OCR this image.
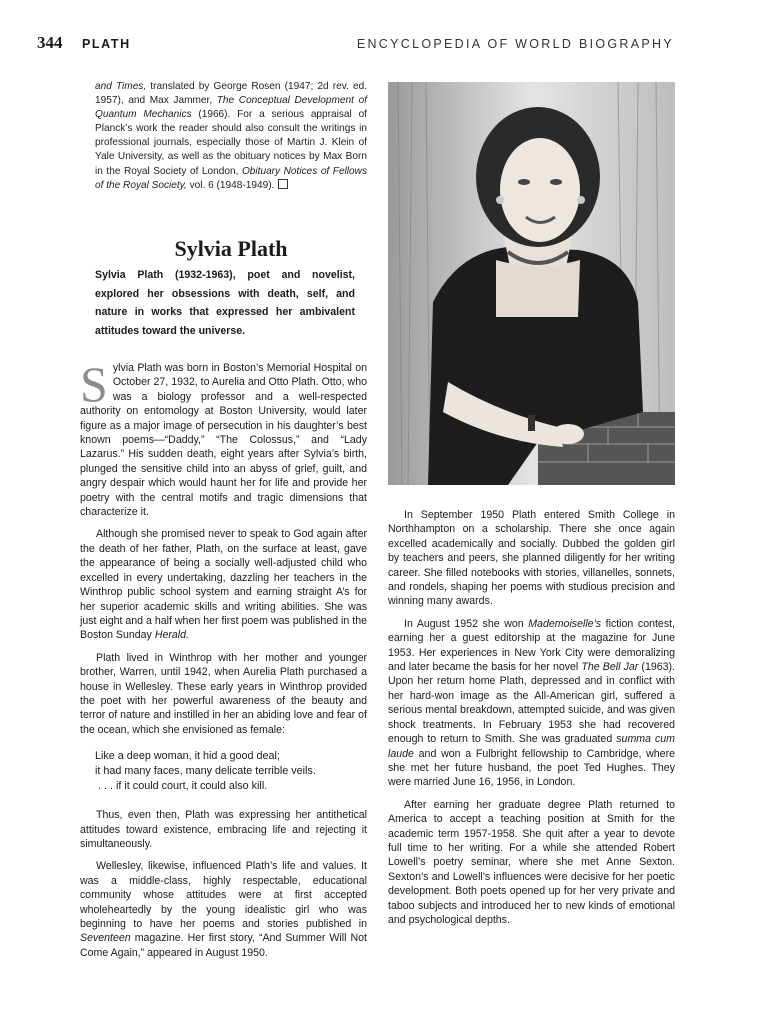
344 PLATH	ENCYCLOPEDIA OF WORLD BIOGRAPHY
and Times, translated by George Rosen (1947; 2d rev. ed. 1957), and Max Jammer, The Conceptual Development of Quantum Mechanics (1966). For a serious appraisal of Planck’s work the reader should also consult the writings in professional journals, especially those of Martin J. Klein of Yale University, as well as the obituary notices by Max Born in the Royal Society of London, Obituary Notices of Fellows of the Royal Society, vol. 6 (1948-1949).
Sylvia Plath
Sylvia Plath (1932-1963), poet and novelist, explored her obsessions with death, self, and nature in works that expressed her ambivalent attitudes toward the universe.

Sylvia Plath was born in Boston’s Memorial Hospital on October 27, 1932, to Aurelia and Otto Plath. Otto, who was a biology professor and a well-respected authority on entomology at Boston University, would later figure as a major image of persecution in his daughter’s best known poems—“Daddy,” “The Colossus,” and “Lady Lazarus.” His sudden death, eight years after Sylvia’s birth, plunged the sensitive child into an abyss of grief, guilt, and angry despair which would haunt her for life and provide her poetry with the central motifs and tragic dimensions that characterize it.

Although she promised never to speak to God again after the death of her father, Plath, on the surface at least, gave the appearance of being a socially well-adjusted child who excelled in every undertaking, dazzling her teachers in the Winthrop public school system and earning straight A’s for her superior academic skills and writing abilities. She was just eight and a half when her first poem was published in the Boston Sunday Herald.

Plath lived in Winthrop with her mother and younger brother, Warren, until 1942, when Aurelia Plath purchased a house in Wellesley. These early years in Winthrop provided the poet with her powerful awareness of the beauty and terror of nature and instilled in her an abiding love and fear of the ocean, which she envisioned as female:

Like a deep woman, it hid a good deal;
it had many faces, many delicate terrible veils.
. . . if it could court, it could also kill.

Thus, even then, Plath was expressing her antithetical attitudes toward existence, embracing life and rejecting it simultaneously.

Wellesley, likewise, influenced Plath’s life and values. It was a middle-class, highly respectable, educational community whose attitudes were at first accepted wholeheartedly by the young idealistic girl who was beginning to have her poems and stories published in Seventeen magazine. Her first story, “And Summer Will Not Come Again,” appeared in August 1950.

In September 1950 Plath entered Smith College in Northhampton on a scholarship. There she once again excelled academically and socially. Dubbed the golden girl by teachers and peers, she planned diligently for her writing career. She filled notebooks with stories, villanelles, sonnets, and rondels, shaping her poems with studious precision and winning many awards.

In August 1952 she won Mademoiselle’s fiction contest, earning her a guest editorship at the magazine for June 1953. Her experiences in New York City were demoralizing and later became the basis for her novel The Bell Jar (1963). Upon her return home Plath, depressed and in conflict with her hard-won image as the All-American girl, suffered a serious mental breakdown, attempted suicide, and was given shock treatments. In February 1953 she had recovered enough to return to Smith. She was graduated summa cum laude and won a Fulbright fellowship to Cambridge, where she met her future husband, the poet Ted Hughes. They were married June 16, 1956, in London.

After earning her graduate degree Plath returned to America to accept a teaching position at Smith for the academic term 1957-1958. She quit after a year to devote full time to her writing. For a while she attended Robert Lowell’s poetry seminar, where she met Anne Sexton. Sexton’s and Lowell’s influences were decisive for her poetic development. Both poets opened up for her very private and taboo subjects and introduced her to new kinds of emotional and psychological depths.
